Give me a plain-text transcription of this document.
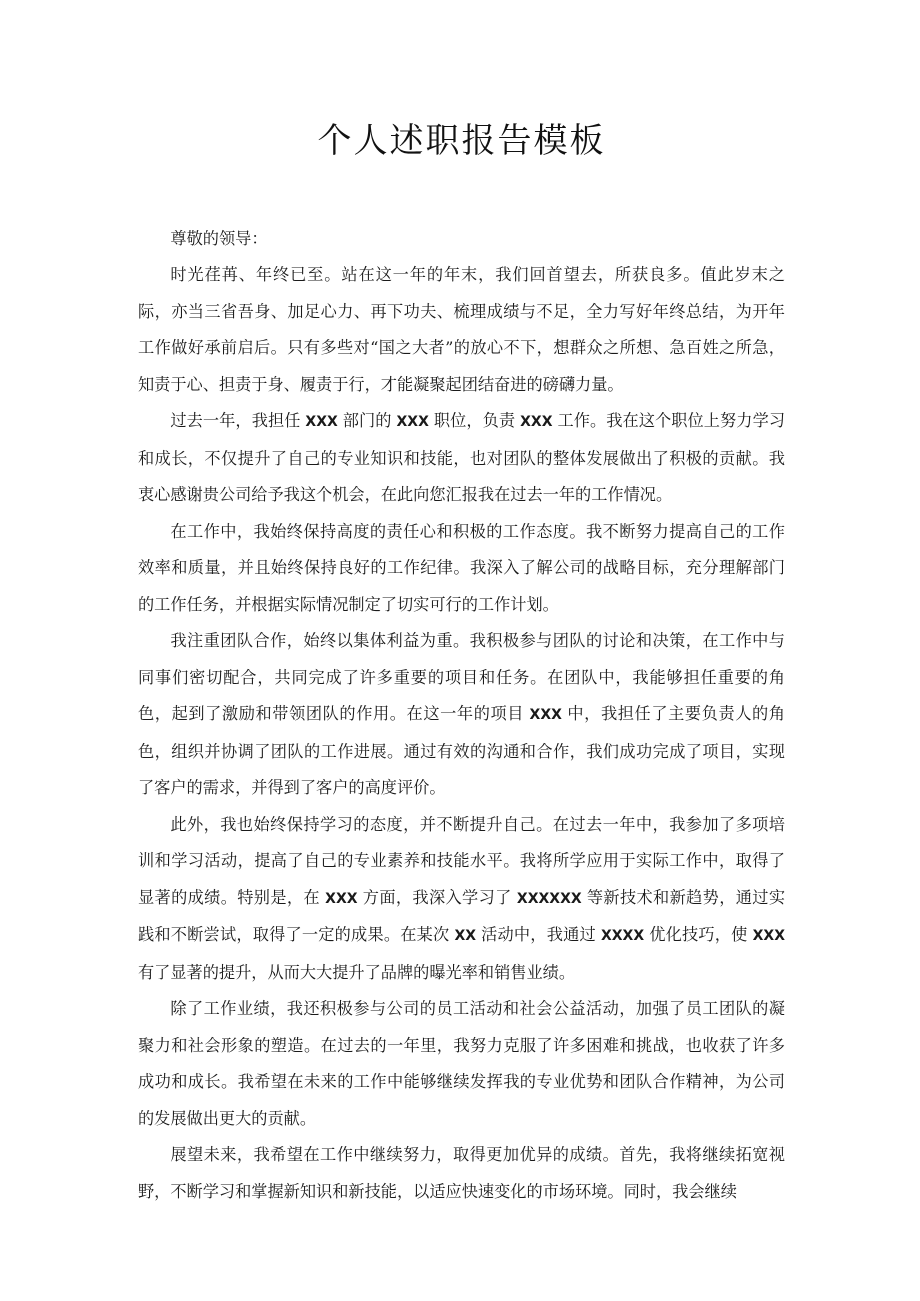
个人述职报告模板

尊敬的领导：

时光荏苒、年终已至。站在这一年的年末，我们回首望去，所获良多。值此岁末之际，亦当三省吾身、加足心力、再下功夫、梳理成绩与不足，全力写好年终总结，为开年工作做好承前启后。只有多些对“国之大者”的放心不下，想群众之所想、急百姓之所急，知责于心、担责于身、履责于行，才能凝聚起团结奋进的磅礴力量。

过去一年，我担任 XXX 部门的 XXX 职位，负责 XXX 工作。我在这个职位上努力学习和成长，不仅提升了自己的专业知识和技能，也对团队的整体发展做出了积极的贡献。我衷心感谢贵公司给予我这个机会，在此向您汇报我在过去一年的工作情况。

在工作中，我始终保持高度的责任心和积极的工作态度。我不断努力提高自己的工作效率和质量，并且始终保持良好的工作纪律。我深入了解公司的战略目标，充分理解部门的工作任务，并根据实际情况制定了切实可行的工作计划。

我注重团队合作，始终以集体利益为重。我积极参与团队的讨论和决策，在工作中与同事们密切配合，共同完成了许多重要的项目和任务。在团队中，我能够担任重要的角色，起到了激励和带领团队的作用。在这一年的项目 XXX 中，我担任了主要负责人的角色，组织并协调了团队的工作进展。通过有效的沟通和合作，我们成功完成了项目，实现了客户的需求，并得到了客户的高度评价。

此外，我也始终保持学习的态度，并不断提升自己。在过去一年中，我参加了多项培训和学习活动，提高了自己的专业素养和技能水平。我将所学应用于实际工作中，取得了显著的成绩。特别是，在 XXX 方面，我深入学习了 XXXXXX 等新技术和新趋势，通过实践和不断尝试，取得了一定的成果。在某次 XX 活动中，我通过 XXXX 优化技巧，使 XXX 有了显著的提升，从而大大提升了品牌的曝光率和销售业绩。

除了工作业绩，我还积极参与公司的员工活动和社会公益活动，加强了员工团队的凝聚力和社会形象的塑造。在过去的一年里，我努力克服了许多困难和挑战，也收获了许多成功和成长。我希望在未来的工作中能够继续发挥我的专业优势和团队合作精神，为公司的发展做出更大的贡献。

展望未来，我希望在工作中继续努力，取得更加优异的成绩。首先，我将继续拓宽视野，不断学习和掌握新知识和新技能，以适应快速变化的市场环境。同时，我会继续
